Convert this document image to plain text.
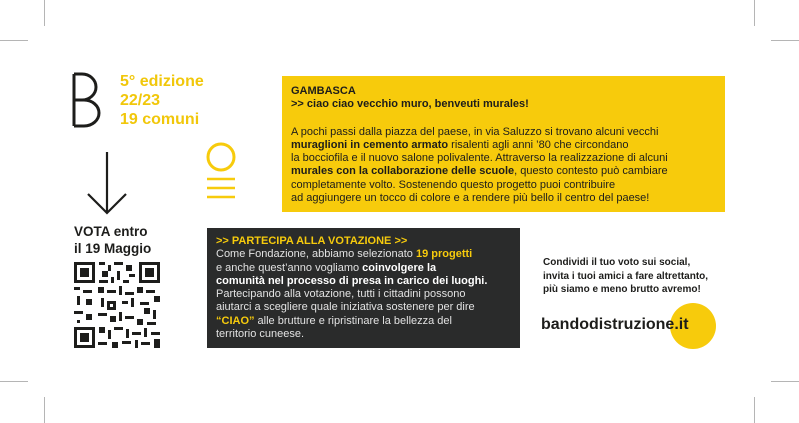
5° edizione
22/23
19 comuni
VOTA entro
il 19 Maggio
GAMBASCA
>> ciao ciao vecchio muro, benveuti murales!
A pochi passi dalla piazza del paese, in via Saluzzo si trovano alcuni vecchi
muraglioni in cemento armato risalenti agli anni ’80 che circondano
la bocciofila e il nuovo salone polivalente. Attraverso la realizzazione di alcuni
murales con la collaborazione delle scuole, questo contesto può cambiare
completamente volto. Sostenendo questo progetto puoi contribuire
ad aggiungere un tocco di colore e a rendere più bello il centro del paese!
>> PARTECIPA ALLA VOTAZIONE >>
Come Fondazione, abbiamo selezionato 19 progetti
e anche quest’anno vogliamo coinvolgere la
comunità nel processo di presa in carico dei luoghi.
Partecipando alla votazione, tutti i cittadini possono
aiutarci a scegliere quale iniziativa sostenere per dire
“CIAO” alle brutture e ripristinare la bellezza del
territorio cuneese.
Condividi il tuo voto sui social,
invita i tuoi amici a fare altrettanto,
più siamo e meno brutto avremo!
bandodistruzione.it
